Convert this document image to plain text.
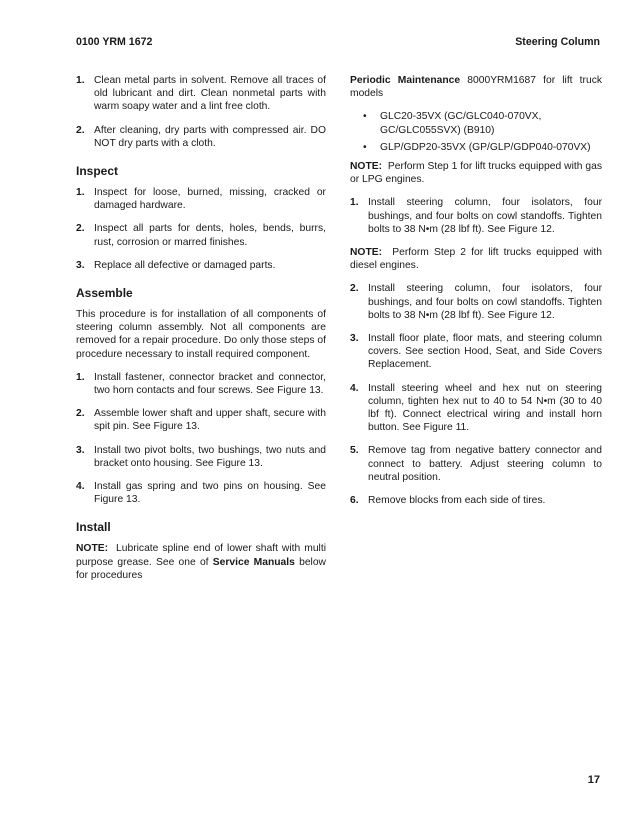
0100 YRM 1672	Steering Column
1. Clean metal parts in solvent. Remove all traces of old lubricant and dirt. Clean nonmetal parts with warm soapy water and a lint free cloth.
2. After cleaning, dry parts with compressed air. DO NOT dry parts with a cloth.
Inspect
1. Inspect for loose, burned, missing, cracked or damaged hardware.
2. Inspect all parts for dents, holes, bends, burrs, rust, corrosion or marred finishes.
3. Replace all defective or damaged parts.
Assemble

This procedure is for installation of all components of steering column assembly. Not all components are removed for a repair procedure. Do only those steps of procedure necessary to install required component.

1. Install fastener, connector bracket and connector, two horn contacts and four screws. See Figure 13.
2. Assemble lower shaft and upper shaft, secure with spit pin. See Figure 13.
3. Install two pivot bolts, two bushings, two nuts and bracket onto housing. See Figure 13.
4. Install gas spring and two pins on housing. See Figure 13.
Install

NOTE: Lubricate spline end of lower shaft with multi purpose grease. See one of Service Manuals below for procedures

Periodic Maintenance 8000YRM1687 for lift truck models

• GLC20-35VX (GC/GLC040-070VX, GC/GLC055SVX) (B910)
• GLP/GDP20-35VX (GP/GLP/GDP040-070VX)

NOTE: Perform Step 1 for lift trucks equipped with gas or LPG engines.

1. Install steering column, four isolators, four bushings, and four bolts on cowl standoffs. Tighten bolts to 38 N•m (28 lbf ft). See Figure 12.

NOTE: Perform Step 2 for lift trucks equipped with diesel engines.

2. Install steering column, four isolators, four bushings, and four bolts on cowl standoffs. Tighten bolts to 38 N•m (28 lbf ft). See Figure 12.
3. Install floor plate, floor mats, and steering column covers. See section Hood, Seat, and Side Covers Replacement.
4. Install steering wheel and hex nut on steering column, tighten hex nut to 40 to 54 N•m (30 to 40 lbf ft). Connect electrical wiring and install horn button. See Figure 11.
5. Remove tag from negative battery connector and connect to battery. Adjust steering column to neutral position.
6. Remove blocks from each side of tires.
17
